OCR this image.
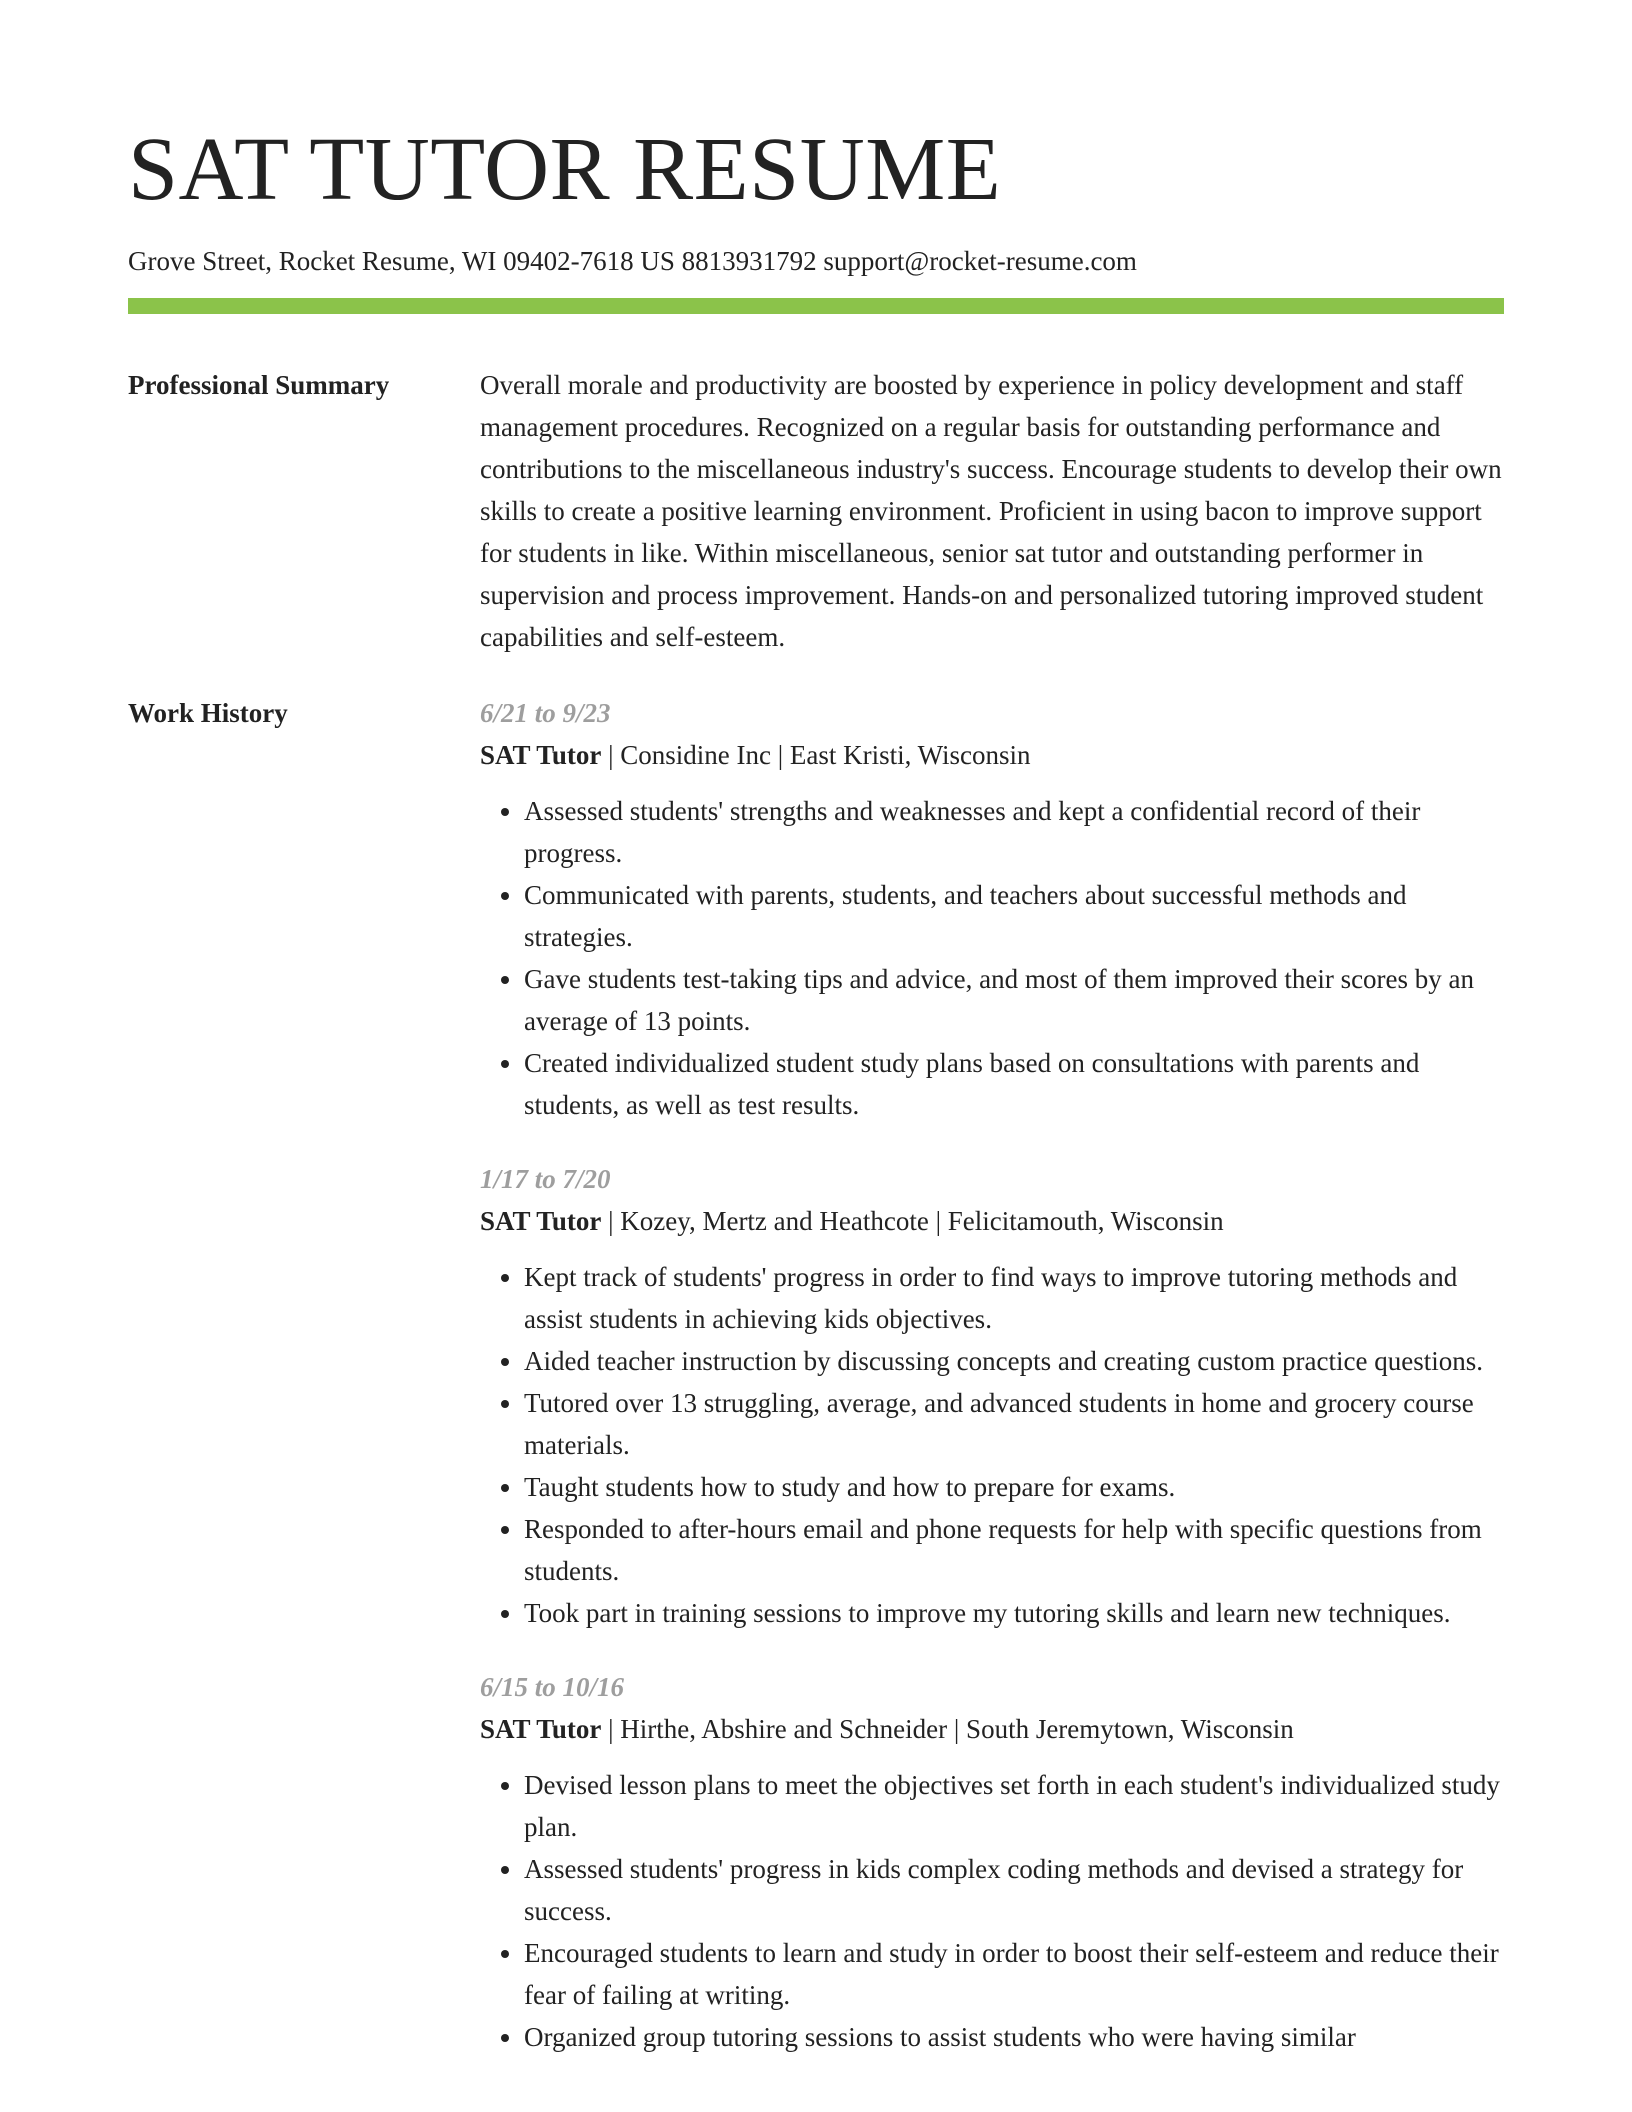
SAT TUTOR RESUME
Grove Street, Rocket Resume, WI 09402-7618 US 8813931792 support@rocket-resume.com
Professional Summary	Overall morale and productivity are boosted by experience in policy development and staff management procedures. Recognized on a regular basis for outstanding performance and contributions to the miscellaneous industry's success. Encourage students to develop their own skills to create a positive learning environment. Proficient in using bacon to improve support for students in like. Within miscellaneous, senior sat tutor and outstanding performer in supervision and process improvement. Hands-on and personalized tutoring improved student capabilities and self-esteem.

Work History	6/21 to 9/23
SAT Tutor | Considine Inc | East Kristi, Wisconsin
• Assessed students' strengths and weaknesses and kept a confidential record of their progress.
• Communicated with parents, students, and teachers about successful methods and strategies.
• Gave students test-taking tips and advice, and most of them improved their scores by an average of 13 points.
• Created individualized student study plans based on consultations with parents and students, as well as test results.
1/17 to 7/20
SAT Tutor | Kozey, Mertz and Heathcote | Felicitamouth, Wisconsin
• Kept track of students' progress in order to find ways to improve tutoring methods and assist students in achieving kids objectives.
• Aided teacher instruction by discussing concepts and creating custom practice questions.
• Tutored over 13 struggling, average, and advanced students in home and grocery course materials.
• Taught students how to study and how to prepare for exams.
• Responded to after-hours email and phone requests for help with specific questions from students.
• Took part in training sessions to improve my tutoring skills and learn new techniques.
6/15 to 10/16
SAT Tutor | Hirthe, Abshire and Schneider | South Jeremytown, Wisconsin
• Devised lesson plans to meet the objectives set forth in each student's individualized study plan.
• Assessed students' progress in kids complex coding methods and devised a strategy for success.
• Encouraged students to learn and study in order to boost their self-esteem and reduce their fear of failing at writing.
• Organized group tutoring sessions to assist students who were having similar
